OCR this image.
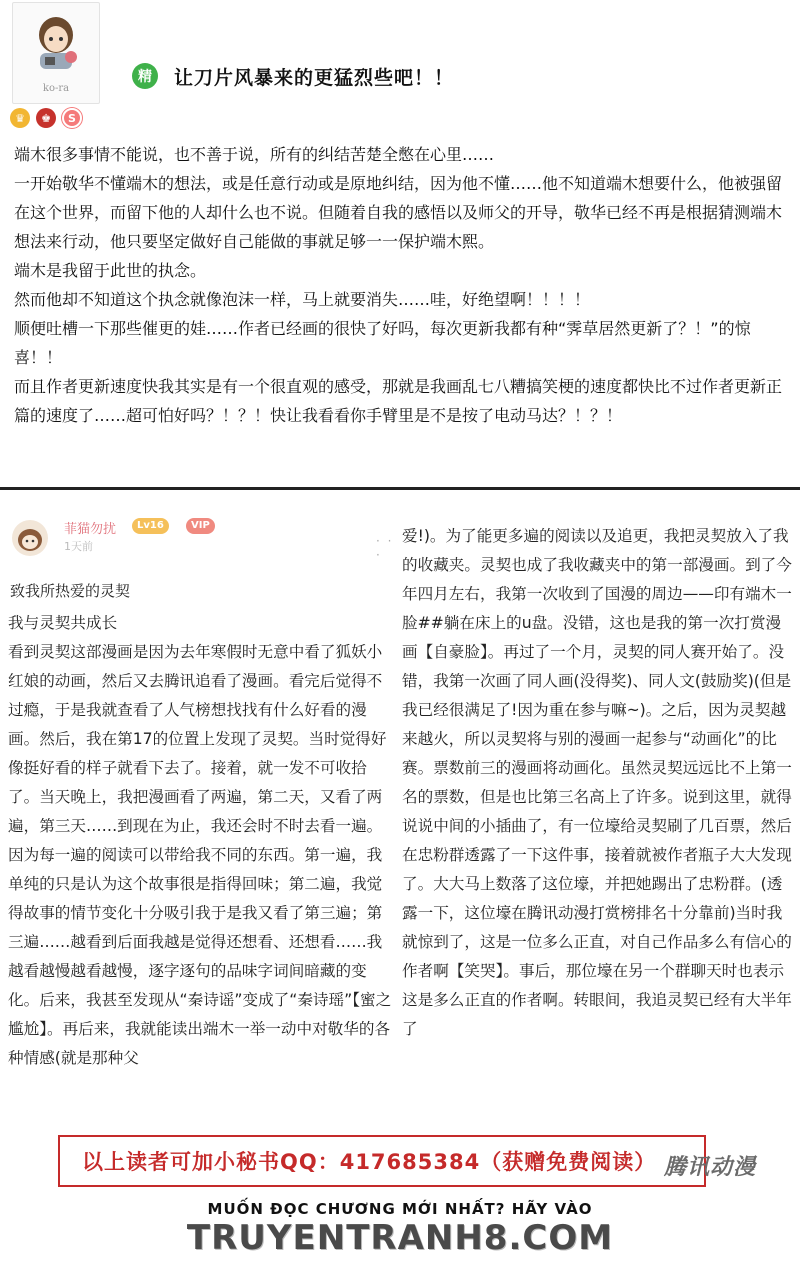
ko-ra
♛	♚	S
精	让刀片风暴来的更猛烈些吧！！

端木很多事情不能说，也不善于说，所有的纠结苦楚全憋在心里……

一开始敬华不懂端木的想法，或是任意行动或是原地纠结，因为他不懂……他不知道端木想要什么，他被强留在这个世界，而留下他的人却什么也不说。但随着自我的感悟以及师父的开导，敬华已经不再是根据猜测端木想法来行动，他只要坚定做好自己能做的事就足够一一保护端木熙。

端木是我留于此世的执念。

然而他却不知道这个执念就像泡沫一样，马上就要消失……哇，好绝望啊！！！！

顺便吐槽一下那些催更的娃……作者已经画的很快了好吗，每次更新我都有种“霁草居然更新了？！”的惊喜！！

而且作者更新速度快我其实是有一个很直观的感受，那就是我画乱七八糟搞笑梗的速度都快比不过作者更新正篇的速度了……超可怕好吗？！？！快让我看看你手臂里是不是按了电动马达？！？！

菲猫勿扰	Lv16	VIP
1天前	· · ·
致我所热爱的灵契

我与灵契共成长

看到灵契这部漫画是因为去年寒假时无意中看了狐妖小红娘的动画，然后又去腾讯追看了漫画。看完后觉得不过瘾，于是我就查看了人气榜想找找有什么好看的漫画。然后，我在第17的位置上发现了灵契。当时觉得好像挺好看的样子就看下去了。接着，就一发不可收拾了。当天晚上，我把漫画看了两遍，第二天，又看了两遍，第三天……到现在为止，我还会时不时去看一遍。因为每一遍的阅读可以带给我不同的东西。第一遍，我单纯的只是认为这个故事很是指得回味；第二遍，我觉得故事的情节变化十分吸引我于是我又看了第三遍；第三遍……越看到后面我越是觉得还想看、还想看……我越看越慢越看越慢，逐字逐句的品味字词间暗藏的变化。后来，我甚至发现从“秦诗谣”变成了“秦诗瑶”【蜜之尴尬】。再后来，我就能读出端木一举一动中对敬华的各种情感(就是那种父

爱!)。为了能更多遍的阅读以及追更，我把灵契放入了我的收藏夹。灵契也成了我收藏夹中的第一部漫画。到了今年四月左右，我第一次收到了国漫的周边——印有端木一脸##躺在床上的u盘。没错，这也是我的第一次打赏漫画【自豪脸】。再过了一个月，灵契的同人赛开始了。没错，我第一次画了同人画(没得奖)、同人文(鼓励奖)(但是我已经很满足了!因为重在参与嘛~)。之后，因为灵契越来越火，所以灵契将与别的漫画一起参与“动画化”的比赛。票数前三的漫画将动画化。虽然灵契远远比不上第一名的票数，但是也比第三名高上了许多。说到这里，就得说说中间的小插曲了，有一位壕给灵契刷了几百票，然后在忠粉群透露了一下这件事，接着就被作者瓶子大大发现了。大大马上数落了这位壕，并把她踢出了忠粉群。(透露一下，这位壕在腾讯动漫打赏榜排名十分靠前)当时我就惊到了，这是一位多么正直，对自己作品多么有信心的作者啊【笑哭】。事后，那位壕在另一个群聊天时也表示这是多么正直的作者啊。转眼间，我追灵契已经有大半年了
以上读者可加小秘书QQ：417685384（获赠免费阅读） 腾讯动漫
MUỐN ĐỌC CHƯƠNG MỚI NHẤT? HÃY VÀO
TRUYENTRANH8.COM
